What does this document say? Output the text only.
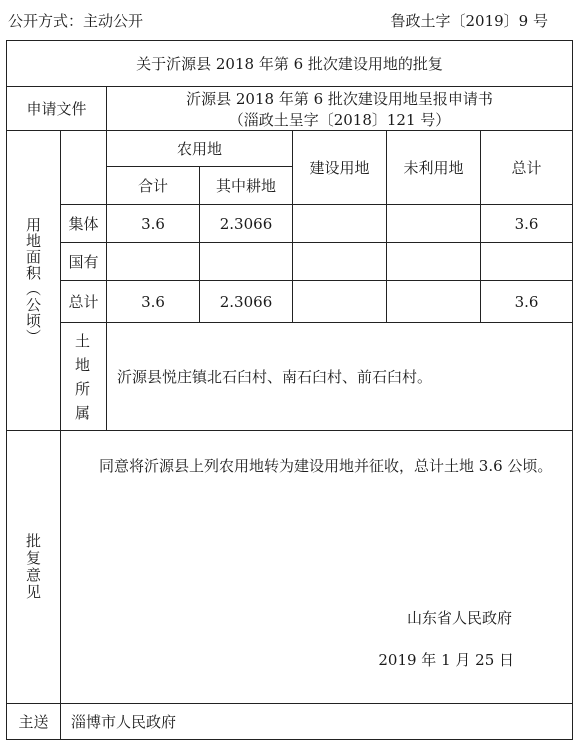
公开方式：主动公开	鲁政土字〔2019〕9 号
关于沂源县 2018 年第 6 批次建设用地的批复						
申请文件		沂源县 2018 年第 6 批次建设用地呈报申请书
（淄政土呈字〔2018〕121 号）				

用地面积（公顷）		农用地		建设用地	未利用地	总计
		合计	其中耕地			
	集体	3.6	2.3066			3.6
	国有					
	总计	3.6	2.3066			3.6

	土地所属	沂源县悦庄镇北石臼村、南石臼村、前石臼村。				

批复意见	同意将沂源县上列农用地转为建设用地并征收，总计土地 3.6 公顷。
山东省人民政府
2019 年 1 月 25 日					

主送	淄博市人民政府					
